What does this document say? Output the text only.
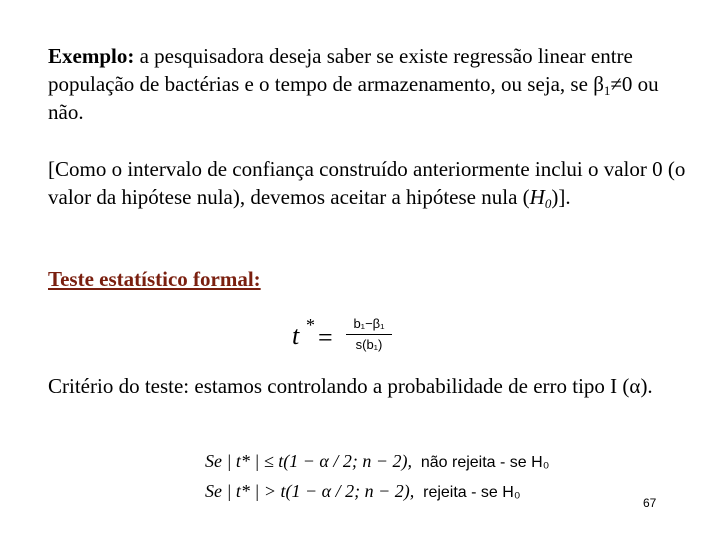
Exemplo: a pesquisadora deseja saber se existe regressão linear entre população de bactérias e o tempo de armazenamento, ou seja, se $\beta_1\ne 0$ ou não.
[Como o intervalo de confiança construído anteriormente inclui o valor 0 (o valor da hipótese nula), devemos aceitar a hipótese nula $(H_0)$].
Teste estatístico formal:
t * =	b₁−β₁
s(b₁)
Critério do teste: estamos controlando a probabilidade de erro tipo I (α).
Se | t* | ≤ t(1 − α / 2; n − 2), não rejeita - se H₀
Se | t* | > t(1 − α / 2; n − 2), rejeita - se H₀
67
